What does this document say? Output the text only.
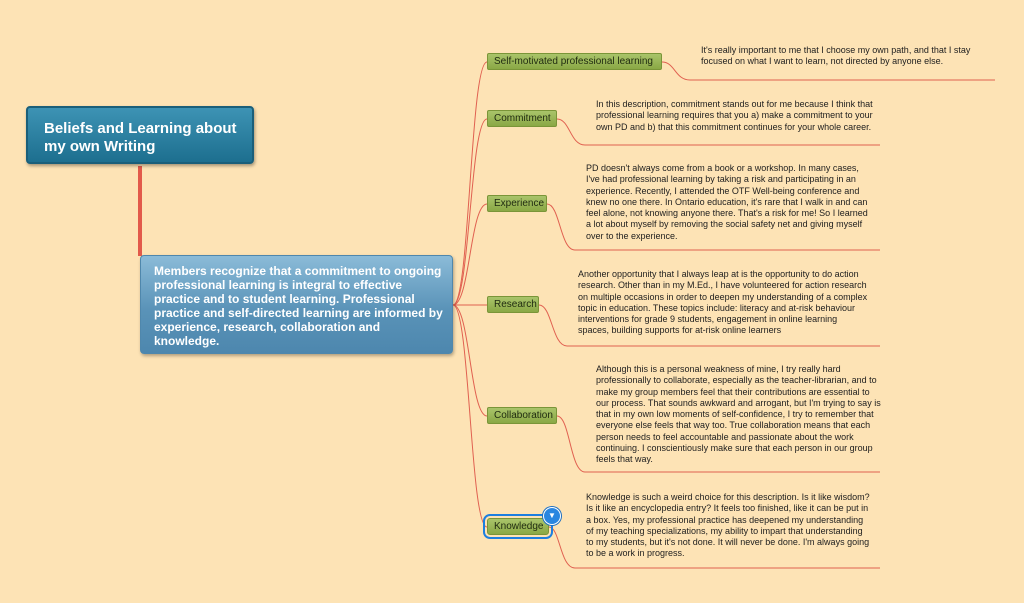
Beliefs and Learning about my own Writing
Members recognize that a commitment to ongoing professional learning is integral to effective practice and to student learning. Professional practice and self-directed learning are informed by experience, research, collaboration and knowledge.
Self-motivated professional learning
Commitment
Experience
Research
Collaboration
Knowledge
▼
It's really important to me that I choose my own path, and that I stay focused on what I want to learn, not directed by anyone else.
In this description, commitment stands out for me because I think that professional learning requires that you a) make a commitment to your own PD and b) that this commitment continues for your whole career.
PD doesn't always come from a book or a workshop. In many cases, I've had professional learning by taking a risk and participating in an experience. Recently, I attended the OTF Well-being conference and knew no one there. In Ontario education, it's rare that I walk in and can feel alone, not knowing anyone there. That's a risk for me! So I learned a lot about myself by removing the social safety net and giving myself over to the experience.
Another opportunity that I always leap at is the opportunity to do action research. Other than in my M.Ed., I have volunteered for action research on multiple occasions in order to deepen my understanding of a complex topic in education. These topics include: literacy and at-risk behaviour interventions for grade 9 students, engagement in online learning spaces, building supports for at-risk online learners
Although this is a personal weakness of mine, I try really hard professionally to collaborate, especially as the teacher-librarian, and to make my group members feel that their contributions are essential to our process. That sounds awkward and arrogant, but I'm trying to say is that in my own low moments of self-confidence, I try to remember that everyone else feels that way too. True collaboration means that each person needs to feel accountable and passionate about the work continuing. I conscientiously make sure that each person in our group feels that way.
Knowledge is such a weird choice for this description. Is it like wisdom? Is it like an encyclopedia entry? It feels too finished, like it can be put in a box. Yes, my professional practice has deepened my understanding of my teaching specializations, my ability to impart that understanding to my students, but it's not done. It will never be done. I'm always going to be a work in progress.
